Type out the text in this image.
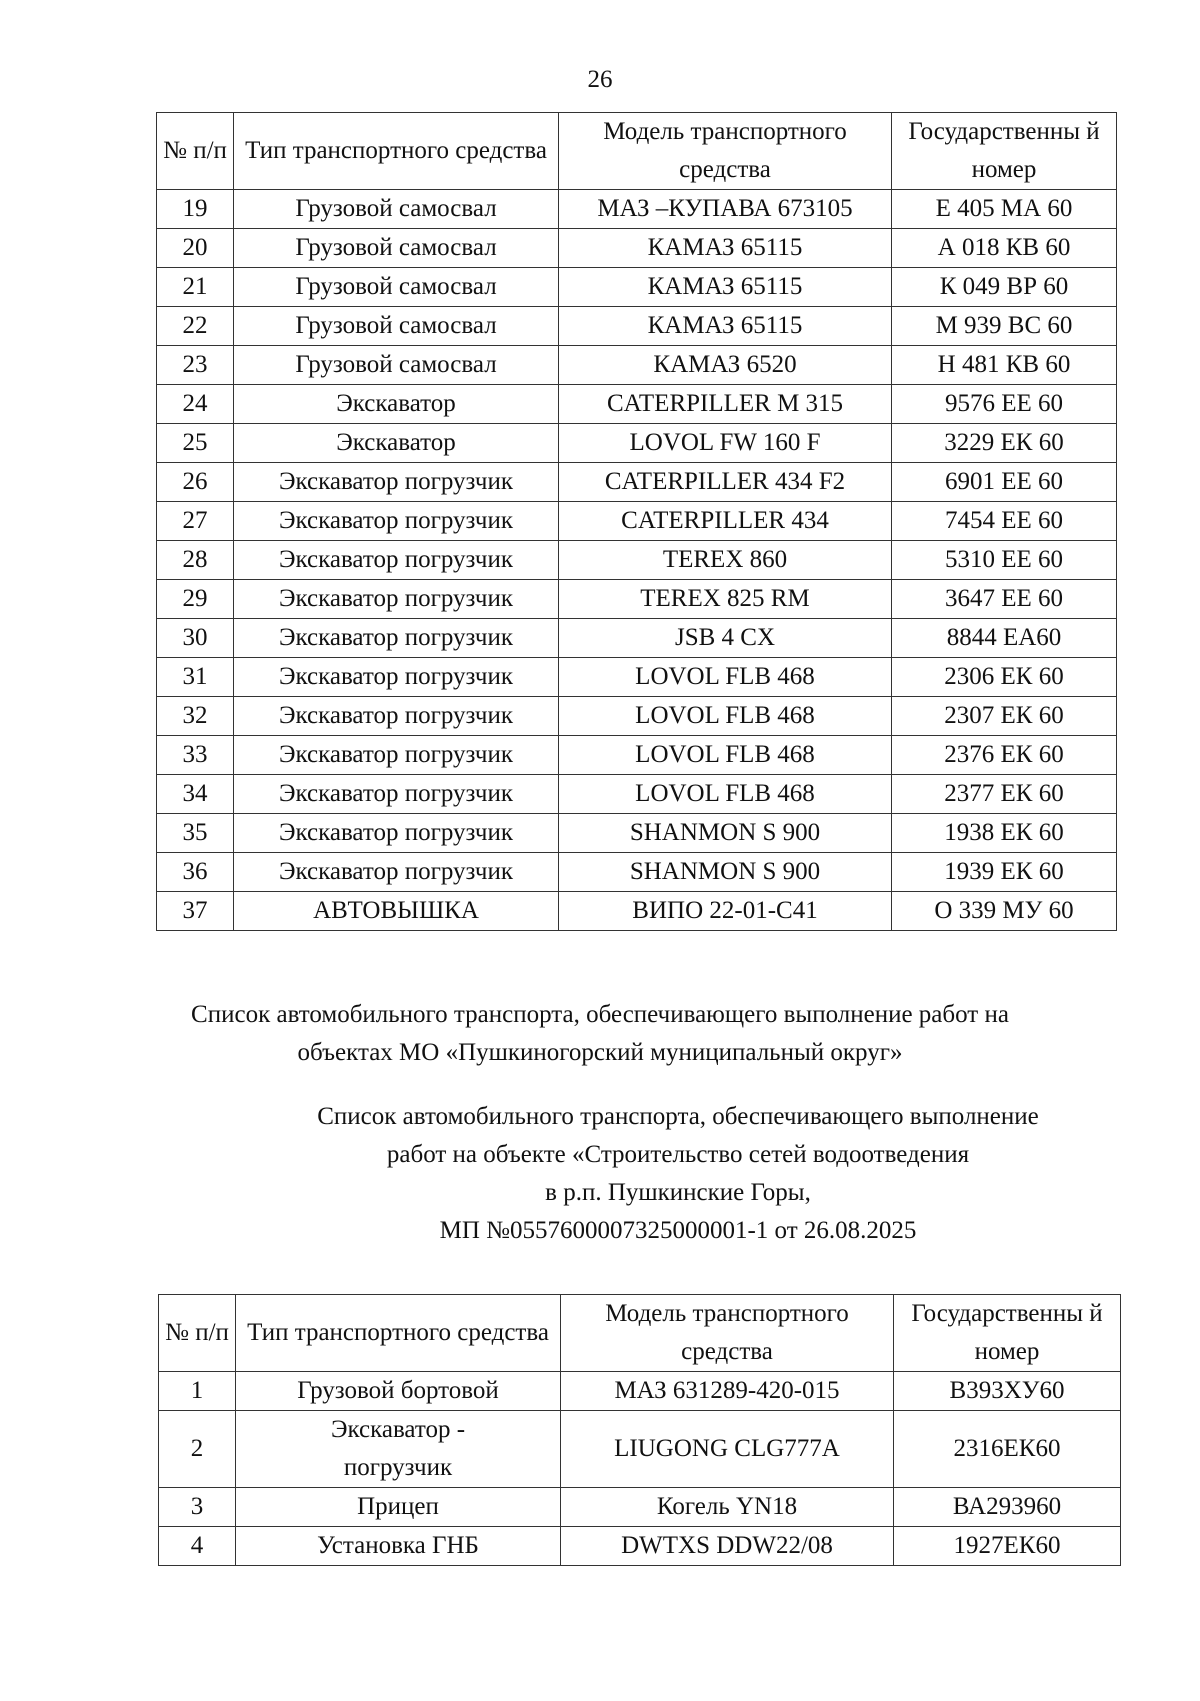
26
№ п/п	Тип транспортного средства	Модель транспортного средства	Государственны й номер
19	Грузовой самосвал	МАЗ –КУПАВА 673105	Е 405 МА 60
20	Грузовой самосвал	КАМАЗ 65115	А 018 КВ 60
21	Грузовой самосвал	КАМАЗ 65115	К 049 ВР 60
22	Грузовой самосвал	КАМАЗ 65115	М 939 ВС 60
23	Грузовой самосвал	КАМАЗ 6520	Н 481 КВ 60
24	Экскаватор	CATERPILLER M 315	9576 ЕЕ 60
25	Экскаватор	LOVOL FW 160 F	3229 ЕК 60
26	Экскаватор погрузчик	CATERPILLER 434 F2	6901 ЕЕ 60
27	Экскаватор погрузчик	CATERPILLER 434	7454 ЕЕ 60
28	Экскаватор погрузчик	TEREX 860	5310 ЕЕ 60
29	Экскаватор погрузчик	TEREX 825 RM	3647 ЕЕ 60
30	Экскаватор погрузчик	JSB 4 CX	8844 ЕА60
31	Экскаватор погрузчик	LOVOL FLB 468	2306 ЕК 60
32	Экскаватор погрузчик	LOVOL FLB 468	2307 ЕК 60
33	Экскаватор погрузчик	LOVOL FLB 468	2376 ЕК 60
34	Экскаватор погрузчик	LOVOL FLB 468	2377 ЕК 60
35	Экскаватор погрузчик	SHANMON S 900	1938 ЕК 60
36	Экскаватор погрузчик	SHANMON S 900	1939 ЕК 60
37	АВТОВЫШКА	ВИПО 22-01-С41	О 339 МУ 60
Список автомобильного транспорта, обеспечивающего выполнение работ на
объектах МО «Пушкиногорский муниципальный округ»
Список автомобильного транспорта, обеспечивающего выполнение
работ на объекте «Строительство сетей водоотведения
в р.п. Пушкинские Горы,
МП №0557600007325000001-1 от 26.08.2025
№ п/п	Тип транспортного средства	Модель транспортного средства	Государственны й номер
1	Грузовой бортовой	МАЗ 631289-420-015	В393ХУ60
2	Экскаватор - погрузчик	LIUGONG CLG777A	2316ЕК60
3	Прицеп	Когель YN18	ВА293960
4	Установка ГНБ	DWTXS DDW22/08	1927ЕК60
